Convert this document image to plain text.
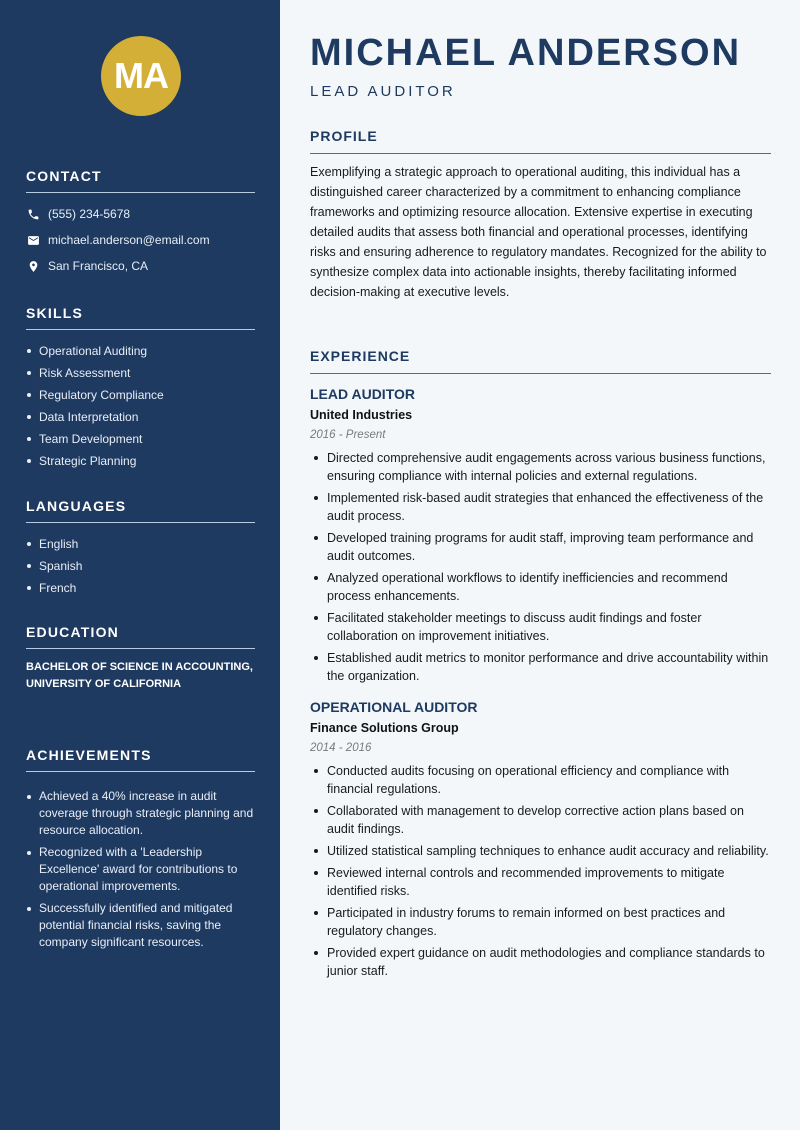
MA
CONTACT
(555) 234-5678
michael.anderson@email.com
San Francisco, CA
SKILLS
Operational Auditing
Risk Assessment
Regulatory Compliance
Data Interpretation
Team Development
Strategic Planning
LANGUAGES
English
Spanish
French
EDUCATION
BACHELOR OF SCIENCE IN ACCOUNTING, UNIVERSITY OF CALIFORNIA
ACHIEVEMENTS
Achieved a 40% increase in audit coverage through strategic planning and resource allocation.
Recognized with a 'Leadership Excellence' award for contributions to operational improvements.
Successfully identified and mitigated potential financial risks, saving the company significant resources.
MICHAEL ANDERSON
LEAD AUDITOR
PROFILE

Exemplifying a strategic approach to operational auditing, this individual has a distinguished career characterized by a commitment to enhancing compliance frameworks and optimizing resource allocation. Extensive expertise in executing detailed audits that assess both financial and operational processes, identifying risks and ensuring adherence to regulatory mandates. Recognized for the ability to synthesize complex data into actionable insights, thereby facilitating informed decision-making at executive levels.

EXPERIENCE
LEAD AUDITOR
United Industries
2016 - Present
Directed comprehensive audit engagements across various business functions, ensuring compliance with internal policies and external regulations.
Implemented risk-based audit strategies that enhanced the effectiveness of the audit process.
Developed training programs for audit staff, improving team performance and audit outcomes.
Analyzed operational workflows to identify inefficiencies and recommend process enhancements.
Facilitated stakeholder meetings to discuss audit findings and foster collaboration on improvement initiatives.
Established audit metrics to monitor performance and drive accountability within the organization.
OPERATIONAL AUDITOR
Finance Solutions Group
2014 - 2016
Conducted audits focusing on operational efficiency and compliance with financial regulations.
Collaborated with management to develop corrective action plans based on audit findings.
Utilized statistical sampling techniques to enhance audit accuracy and reliability.
Reviewed internal controls and recommended improvements to mitigate identified risks.
Participated in industry forums to remain informed on best practices and regulatory changes.
Provided expert guidance on audit methodologies and compliance standards to junior staff.
